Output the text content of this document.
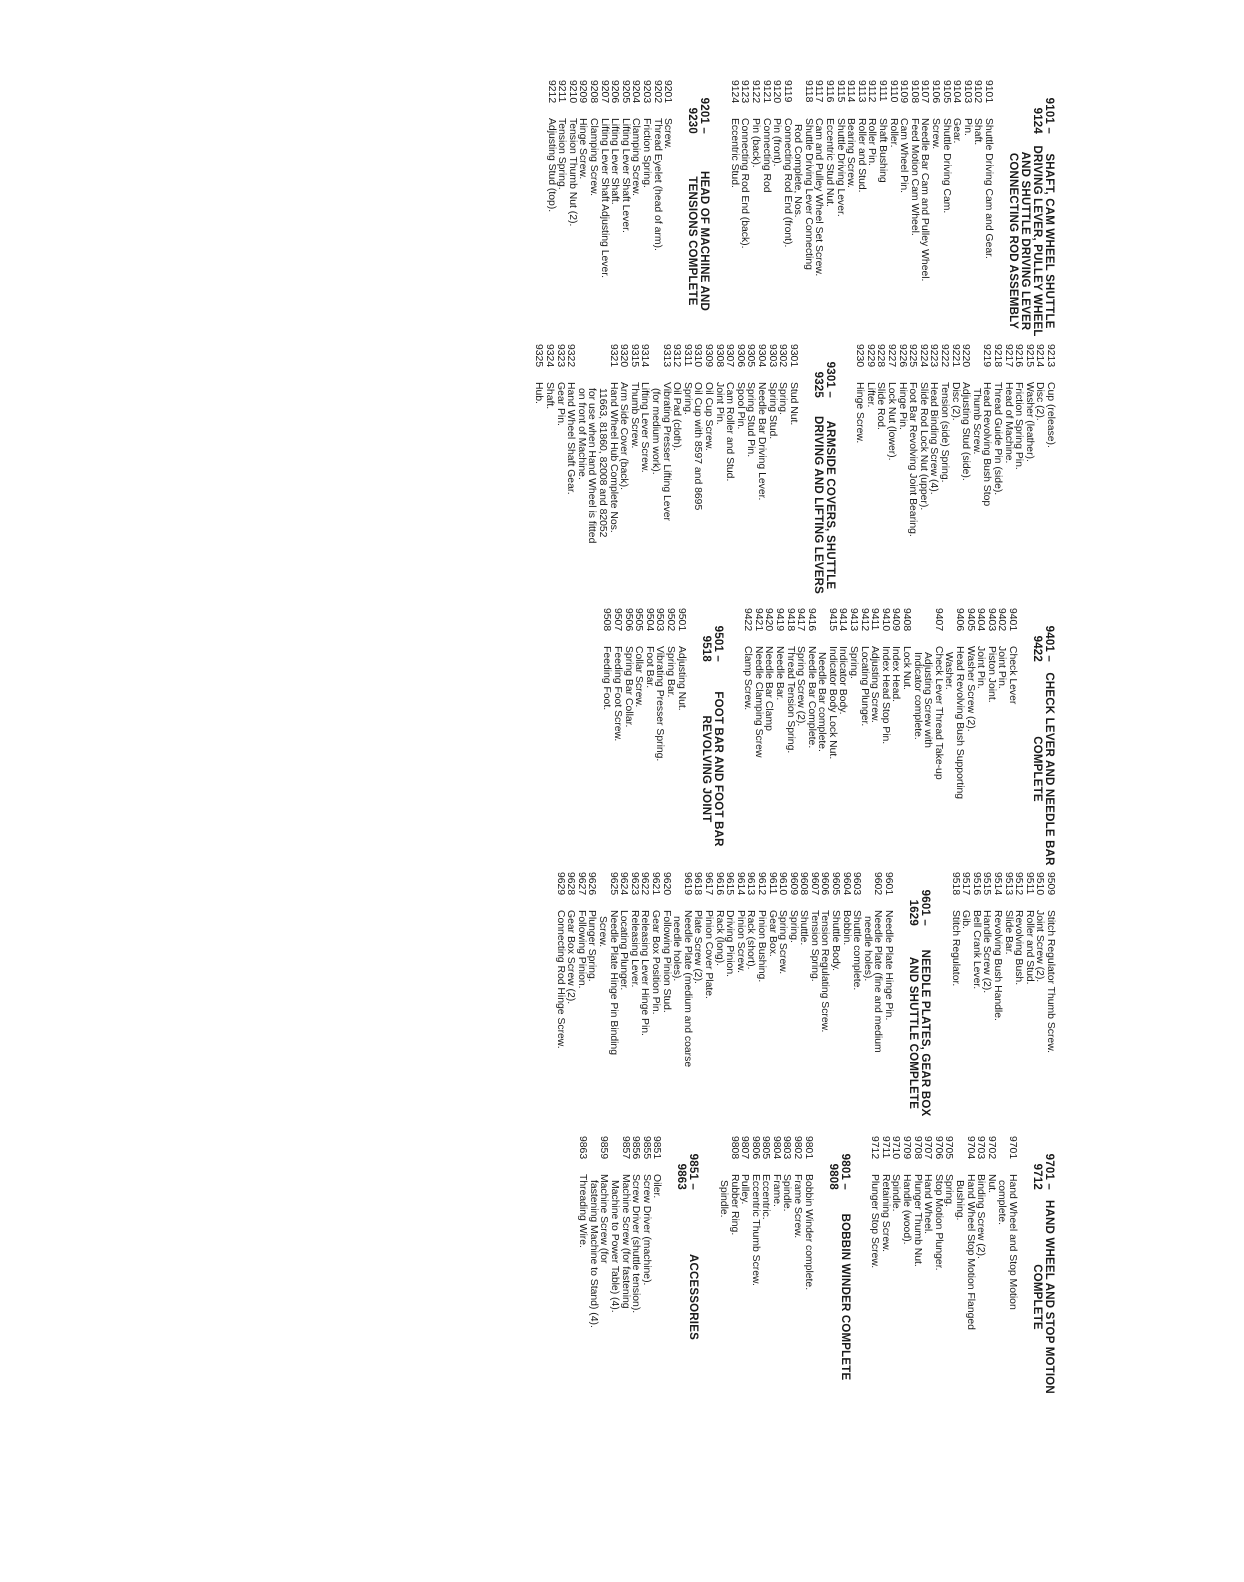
9101 – 9124
SHAFT, CAM WHEEL SHUTTLE DRIVING LEVER, PULLEY WHEEL AND SHUTTLE DRIVING LEVER CONNECTING ROD ASSEMBLY
9101
Shuttle Driving Cam and Gear.
9102
Shaft.
9103
Pin.
9104
Gear.
9105
Shuttle Driving Cam.
9106
Screw.
9107
Needle Bar Cam and Pulley Wheel.
9108
Feed Motion Cam Wheel.
9109
Cam Wheel Pin.
9110
Roller.
9111
Shaft Bushing
9112
Roller Pin.
9113
Roller and Stud.
9114
Bearing Screw.
9115
Shuttle Driving Lever.
9116
Eccentric Stud Nut.
9117
Cam and Pulley Wheel Set Screw.
9118
Shuttle Driving Lever Connecting
Rod Complete, Nos.
9119
Connecting Rod End (front).
9120
Pin (front).
9121
Connecting Rod
9122
Pin (back).
9123
Connecting Rod End (back).
9124
Eccentric Stud.
9201 – 9230
HEAD OF MACHINE AND TENSIONS COMPLETE
9201
Screw.
9202
Thread Eyelet (head of arm).
9203
Friction Spring.
9204
Clamping Screw.
9205
Lifting Lever Shaft Lever.
9206
Lifting Lever Shaft.
9207
Lifting Lever Shaft Adjusting Lever.
9208
Clamping Screw.
9209
Hinge Screw.
9210
Tension Thumb Nut (2).
9211
Tension Spring.
9212
Adjusting Stud (top).
9213
Cup (release).
9214
Disc (2).
9215
Washer (leather).
9216
Friction Spring Pin.
9217
Head of Machine.
9218
Thread Guide Pin (side).
9219
Head Revolving Bush Stop
Thumb Screw.
9220
Adjusting Stud (side).
9221
Disc (2).
9222
Tension (side) Spring.
9223
Head Binding Screw (4).
9224
Slide Rod Lock Nut (upper).
9225
Foot Bar Revolving Joint Bearing.
9226
Hinge Pin.
9227
Lock Nut (lower).
9228
Slide Rod.
9229
Lifter.
9230
Hinge Screw.
9301 – 9325
ARMSIDE COVERS, SHUTTLE DRIVING AND LIFTING LEVERS
9301
Stud Nut.
9302
Spring.
9303
Spring Stud.
9304
Needle Bar Driving Lever.
9305
Spring Stud Pin.
9306
Spool Pin.
9307
Cam Roller and Stud.
9308
Joint Pin.
9309
Oil Cup Screw.
9310
Oil Cup with 8597 and 8695
9311
Spring.
9312
Oil Pad (cloth).
9313
Vibrating Presser Lifting Lever
(for medium work).
9314
Lifting Lever Screw.
9315
Thumb Screw.
9320
Arm Side Cover (back).
9321
Hand Wheel Hub Complete Nos.
11663, 81860, 82008 and 82052
for use when Hand Wheel is fitted
on front of Machine.
9322
Hand Wheel Shaft Gear.
9323
Gear Pin.
9324
Shaft.
9325
Hub.
9401 – 9422
CHECK LEVER AND NEEDLE BAR COMPLETE
9401
Check Lever
9402
Joint Pin.
9403
Piston Joint.
9404
Joint Pin.
9405
Washer Screw (2).
9406
Head Revolving Bush Supporting
Washer.
9407
Check Lever Thread Take-up
Adjusting Screw with
Indicator complete.
9408
Lock Nut.
9409
Index Head.
9410
Index Head Stop Pin.
9411
Adjusting Screw.
9412
Locating Plunger.
9413
Spring.
9414
Indicator Body.
9415
Indicator Body Lock Nut.
Needle Bar complete.
9416
Needle Bar Complete.
9417
Spring Screw (2).
9418
Thread Tension Spring.
9419
Needle Bar.
9420
Needle Bar Clamp
9421
Needle Clamping Screw
9422
Clamp Screw.
9501 – 9518
FOOT BAR AND FOOT BAR REVOLVING JOINT
9501
Adjusting Nut.
9502
Spring Bar.
9503
Vibrating Presser Spring.
9504
Foot Bar.
9505
Collar Screw.
9506
Spring Bar Collar.
9507
Feeding Foot Screw.
9508
Feeding Foot.
9509
Stitch Regulator Thumb Screw.
9510
Joint Screw (2).
9511
Roller and Stud.
9512
Revolving Bush.
9513
Slide Bar.
9514
Revolving Bush Handle.
9515
Handle Screw (2).
9516
Bell Crank Lever.
9517
Gib.
9518
Stitch Regulator.
9601 – 1629
NEEDLE PLATES, GEAR BOX AND SHUTTLE COMPLETE
9601
Needle Plate Hinge Pin.
9602
Needle Plate (fine and medium
needle holes).
9603
Shuttle complete.
9604
Bobbin.
9605
Shuttle Body.
9606
Tension Regulating Screw.
9607
Tension Spring.
9608
Shuttle.
9609
Spring.
9610
Spring Screw.
9611
Gear Box.
9612
Pinion Bushing.
9613
Rack (short).
9614
Pinion Screw.
9615
Driving Pinion.
9616
Rack (long).
9617
Pinion Cover Plate.
9618
Plate Screw (2).
9619
Needle Plate (medium and coarse
needle holes).
9620
Following Pinion Stud.
9621
Gear Box Position Pin.
9622
Releasing Lever Hinge Pin.
9623
Releasing Lever.
9624
Locating Plunger.
9625
Needle Plate Hinge Pin Binding
Screw.
9626
Plunger Spring.
9627
Following Pinion.
9628
Gear Box Screw (2).
9629
Connecting Rod Hinge Screw.
9701 – 9712
HAND WHEEL AND STOP MOTION COMPLETE
9701
Hand Wheel and Stop Motion
complete.
9702
Nut.
9703
Binding Screw (2).
9704
Hand Wheel Stop Motion Flanged
Bushing.
9705
Spring.
9706
Stop Motion Plunger.
9707
Hand Wheel.
9708
Plunger Thumb Nut.
9709
Handle (wood).
9710
Spindle.
9711
Retaining Screw.
9712
Plunger Stop Screw.
9801 – 9808
BOBBIN WINDER COMPLETE
9801
Bobbin Winder complete.
9802
Frame Screw.
9803
Spindle.
9804
Frame.
9805
Eccentric.
9806
Eccentric Thumb Screw.
9807
Pulley.
9808
Rubber Ring.
Spindle.
9851 – 9863
ACCESSORIES
9851
Oiler.
9855
Screw Driver (machine).
9856
Screw Driver (shuttle tension).
9857
Machine Screw (for fastening
Machine to Power Table) (4).
9859
Machine Screw (for
fastening Machine to Stand) (4).
9863
Threading Wire.
